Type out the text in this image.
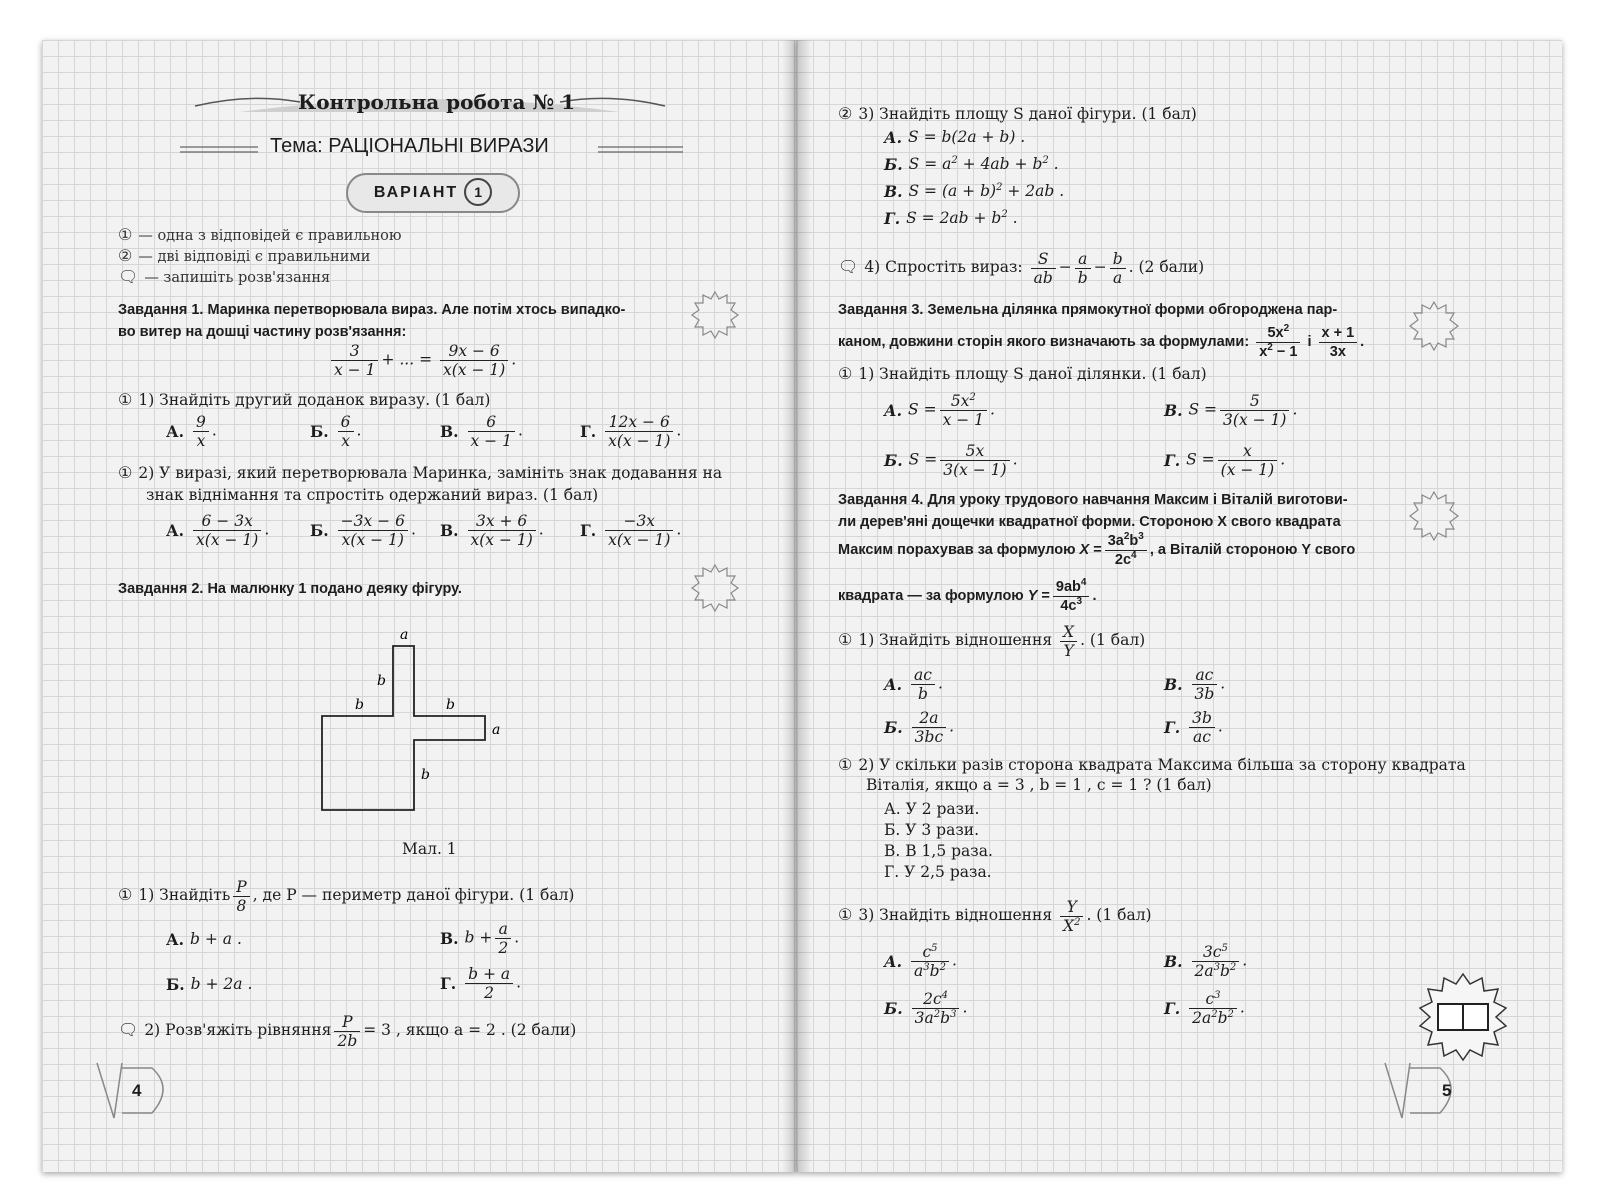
Контрольна робота № 1
Тема: РАЦІОНАЛЬНІ ВИРАЗИ
ВАРІАНТ 1
① — одна з відповідей є правильною
② — дві відповіді є правильними
🗨 — запишіть розв'язання
Завдання 1. Маринка перетворювала вираз. Але потім хтось випадко-
во витер на дошці частину розв'язання:
$\frac{3}{x - 1}$ + ... = $\frac{9x - 6}{x(x - 1)}$ .
① 1) Знайдіть другий доданок виразу. (1 бал)
А. $\frac{9}{x}$ .	Б. $\frac{6}{x}$ .	В. $\frac{6}{x - 1}$ .	Г. $\frac{12x - 6}{x(x - 1)}$ .
① 2) У виразі, який перетворювала Маринка, замініть знак додавання на
знак віднімання та спростіть одержаний вираз. (1 бал)
А. $\frac{6 - 3x}{x(x - 1)}$ .	Б. $\frac{-3x - 6}{x(x - 1)}$ . В. $\frac{3x + 6}{x(x - 1)}$ . Г. $\frac{-3x}{x(x - 1)}$ .
Завдання 2. На малюнку 1 подано деяку фігуру.
a
b
b	b
a
b
Мал. 1
① 1) Знайдіть $\frac{P}{8}$ , де P — периметр даної фігури. (1 бал)
А. b + a .	В. $b + \frac{a}{2}$ .
Б. b + 2a .	Г. $\frac{b + a}{2}$ .
🗨 2) Розв'яжіть рівняння $\frac{P}{2b} = 3$ , якщо a = 2 . (2 бали)
4
② 3) Знайдіть площу S даної фігури. (1 бал)
А. S = b(2a + b) .
Б. $S = a^2 + 4ab + b^2$ .
В. $S = (a + b)^2 + 2ab$ .
Г. $S = 2ab + b^2$ .
🗨 4) Спростіть вираз: $\frac{S}{ab} - \frac{a}{b} - \frac{b}{a}$ . (2 бали)
Завдання 3. Земельна ділянка прямокутної форми обгороджена пар-
каном, довжини сторін якого визначають за формулами: $\frac{5x^2}{x^2 - 1}$ і $\frac{x + 1}{3x}$ .
① 1) Знайдіть площу S даної ділянки. (1 бал)
А. $S = \frac{5x^2}{x - 1}$ .	В. $S = \frac{5}{3(x - 1)}$ .
Б. $S = \frac{5x}{3(x - 1)}$ .	Г. $S = \frac{x}{(x - 1)}$ .
Завдання 4. Для уроку трудового навчання Максим і Віталій виготови-
ли дерев'яні дощечки квадратної форми. Стороною X свого квадрата
Максим порахував за формулою $X = \frac{3a^2b^3}{2c^4}$ , а Віталій стороною Y свого
квадрата — за формулою $Y = \frac{9ab^4}{4c^3}$ .
① 1) Знайдіть відношення $\frac{X}{Y}$ . (1 бал)
А. $\frac{ac}{b}$ .	В. $\frac{ac}{3b}$ .
Б. $\frac{2a}{3bc}$ .	Г. $\frac{3b}{ac}$ .
① 2) У скільки разів сторона квадрата Максима більша за сторону квадрата
Віталія, якщо a = 3 , b = 1 , c = 1 ? (1 бал)
А. У 2 рази.
Б. У 3 рази.
В. В 1,5 раза.
Г. У 2,5 раза.
① 3) Знайдіть відношення $\frac{Y}{X^2}$ . (1 бал)
А. $\frac{c^5}{a^3b^2}$ .	В. $\frac{3c^5}{2a^3b^2}$ .
Б. $\frac{2c^4}{3a^2b^3}$ .	Г. $\frac{c^3}{2a^2b^2}$ .
5
